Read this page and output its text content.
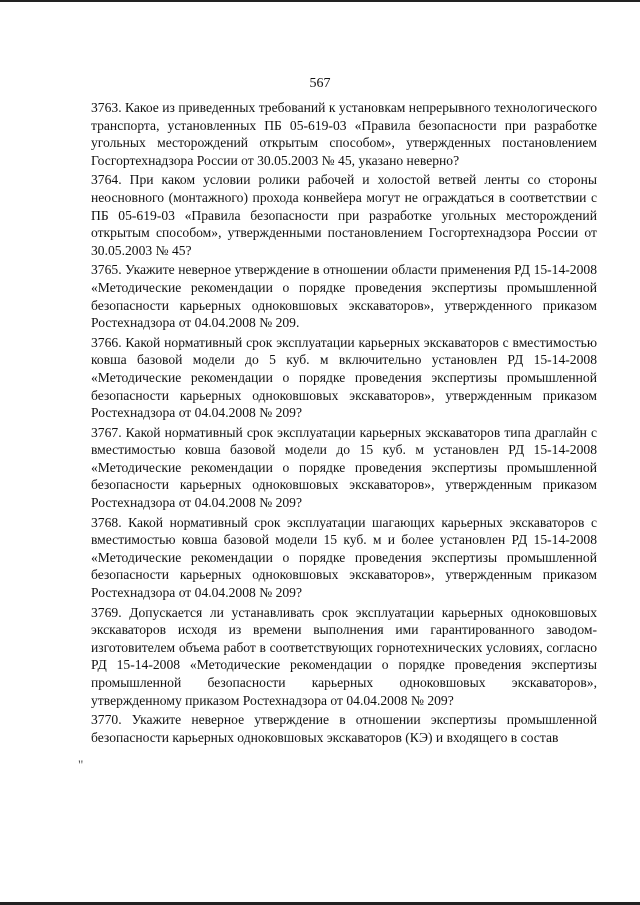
567
"

3763. Какое из приведенных требований к установкам непрерывного технологического транспорта, установленных ПБ 05-619-03 «Правила безопасности при разработке угольных месторождений открытым способом», утвержденных постановлением Госгортехнадзора России от 30.05.2003 № 45, указано неверно?

3764. При каком условии ролики рабочей и холостой ветвей ленты со стороны неосновного (монтажного) прохода конвейера могут не ограждаться в соответствии с ПБ 05-619-03 «Правила безопасности при разработке угольных месторождений открытым способом», утвержденными постановлением Госгортехнадзора России от 30.05.2003 № 45?

3765. Укажите неверное утверждение в отношении области применения РД 15-14-2008 «Методические рекомендации о порядке проведения экспертизы промышленной безопасности карьерных одноковшовых экскаваторов», утвержденного приказом Ростехнадзора от 04.04.2008 № 209.

3766. Какой нормативный срок эксплуатации карьерных экскаваторов с вместимостью ковша базовой модели до 5 куб. м включительно установлен РД 15-14-2008 «Методические рекомендации о порядке проведения экспертизы промышленной безопасности карьерных одноковшовых экскаваторов», утвержденным приказом Ростехнадзора от 04.04.2008 № 209?

3767. Какой нормативный срок эксплуатации карьерных экскаваторов типа драглайн с вместимостью ковша базовой модели до 15 куб. м установлен РД 15-14-2008 «Методические рекомендации о порядке проведения экспертизы промышленной безопасности карьерных одноковшовых экскаваторов», утвержденным приказом Ростехнадзора от 04.04.2008 № 209?

3768. Какой нормативный срок эксплуатации шагающих карьерных экскаваторов с вместимостью ковша базовой модели 15 куб. м и более установлен РД 15-14-2008 «Методические рекомендации о порядке проведения экспертизы промышленной безопасности карьерных одноковшовых экскаваторов», утвержденным приказом Ростехнадзора от 04.04.2008 № 209?

3769. Допускается ли устанавливать срок эксплуатации карьерных одноковшовых экскаваторов исходя из времени выполнения ими гарантированного заводом-изготовителем объема работ в соответствующих горнотехнических условиях, согласно РД 15-14-2008 «Методические рекомендации о порядке проведения экспертизы промышленной безопасности карьерных одноковшовых экскаваторов», утвержденному приказом Ростехнадзора от 04.04.2008 № 209?

3770. Укажите неверное утверждение в отношении экспертизы промышленной безопасности карьерных одноковшовых экскаваторов (КЭ) и входящего в состав
